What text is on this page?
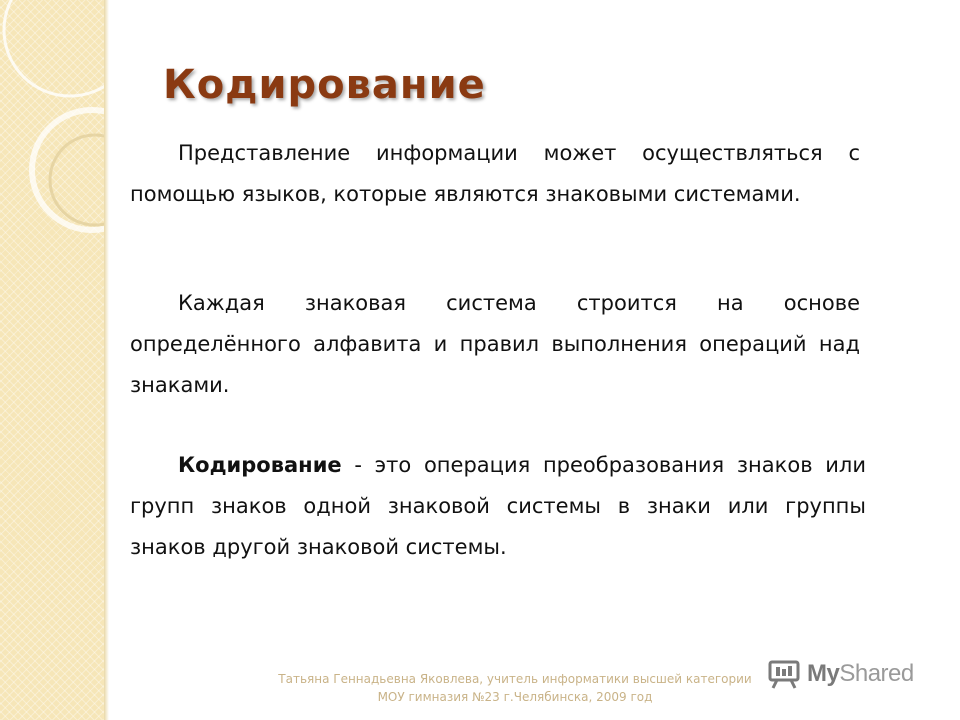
Кодирование

Представление информации может осуществляться с помощью языков, которые являются знаковыми системами.

Каждая знаковая система строится на основе определённого алфавита и правил выполнения операций над знаками.

Кодирование - это операция преобразования знаков или групп знаков одной знаковой системы в знаки или группы знаков другой знаковой системы.

Татьяна Геннадьевна Яковлева, учитель информатики высшей категории
МОУ гимназия №23 г.Челябинска, 2009 год
MyShared
